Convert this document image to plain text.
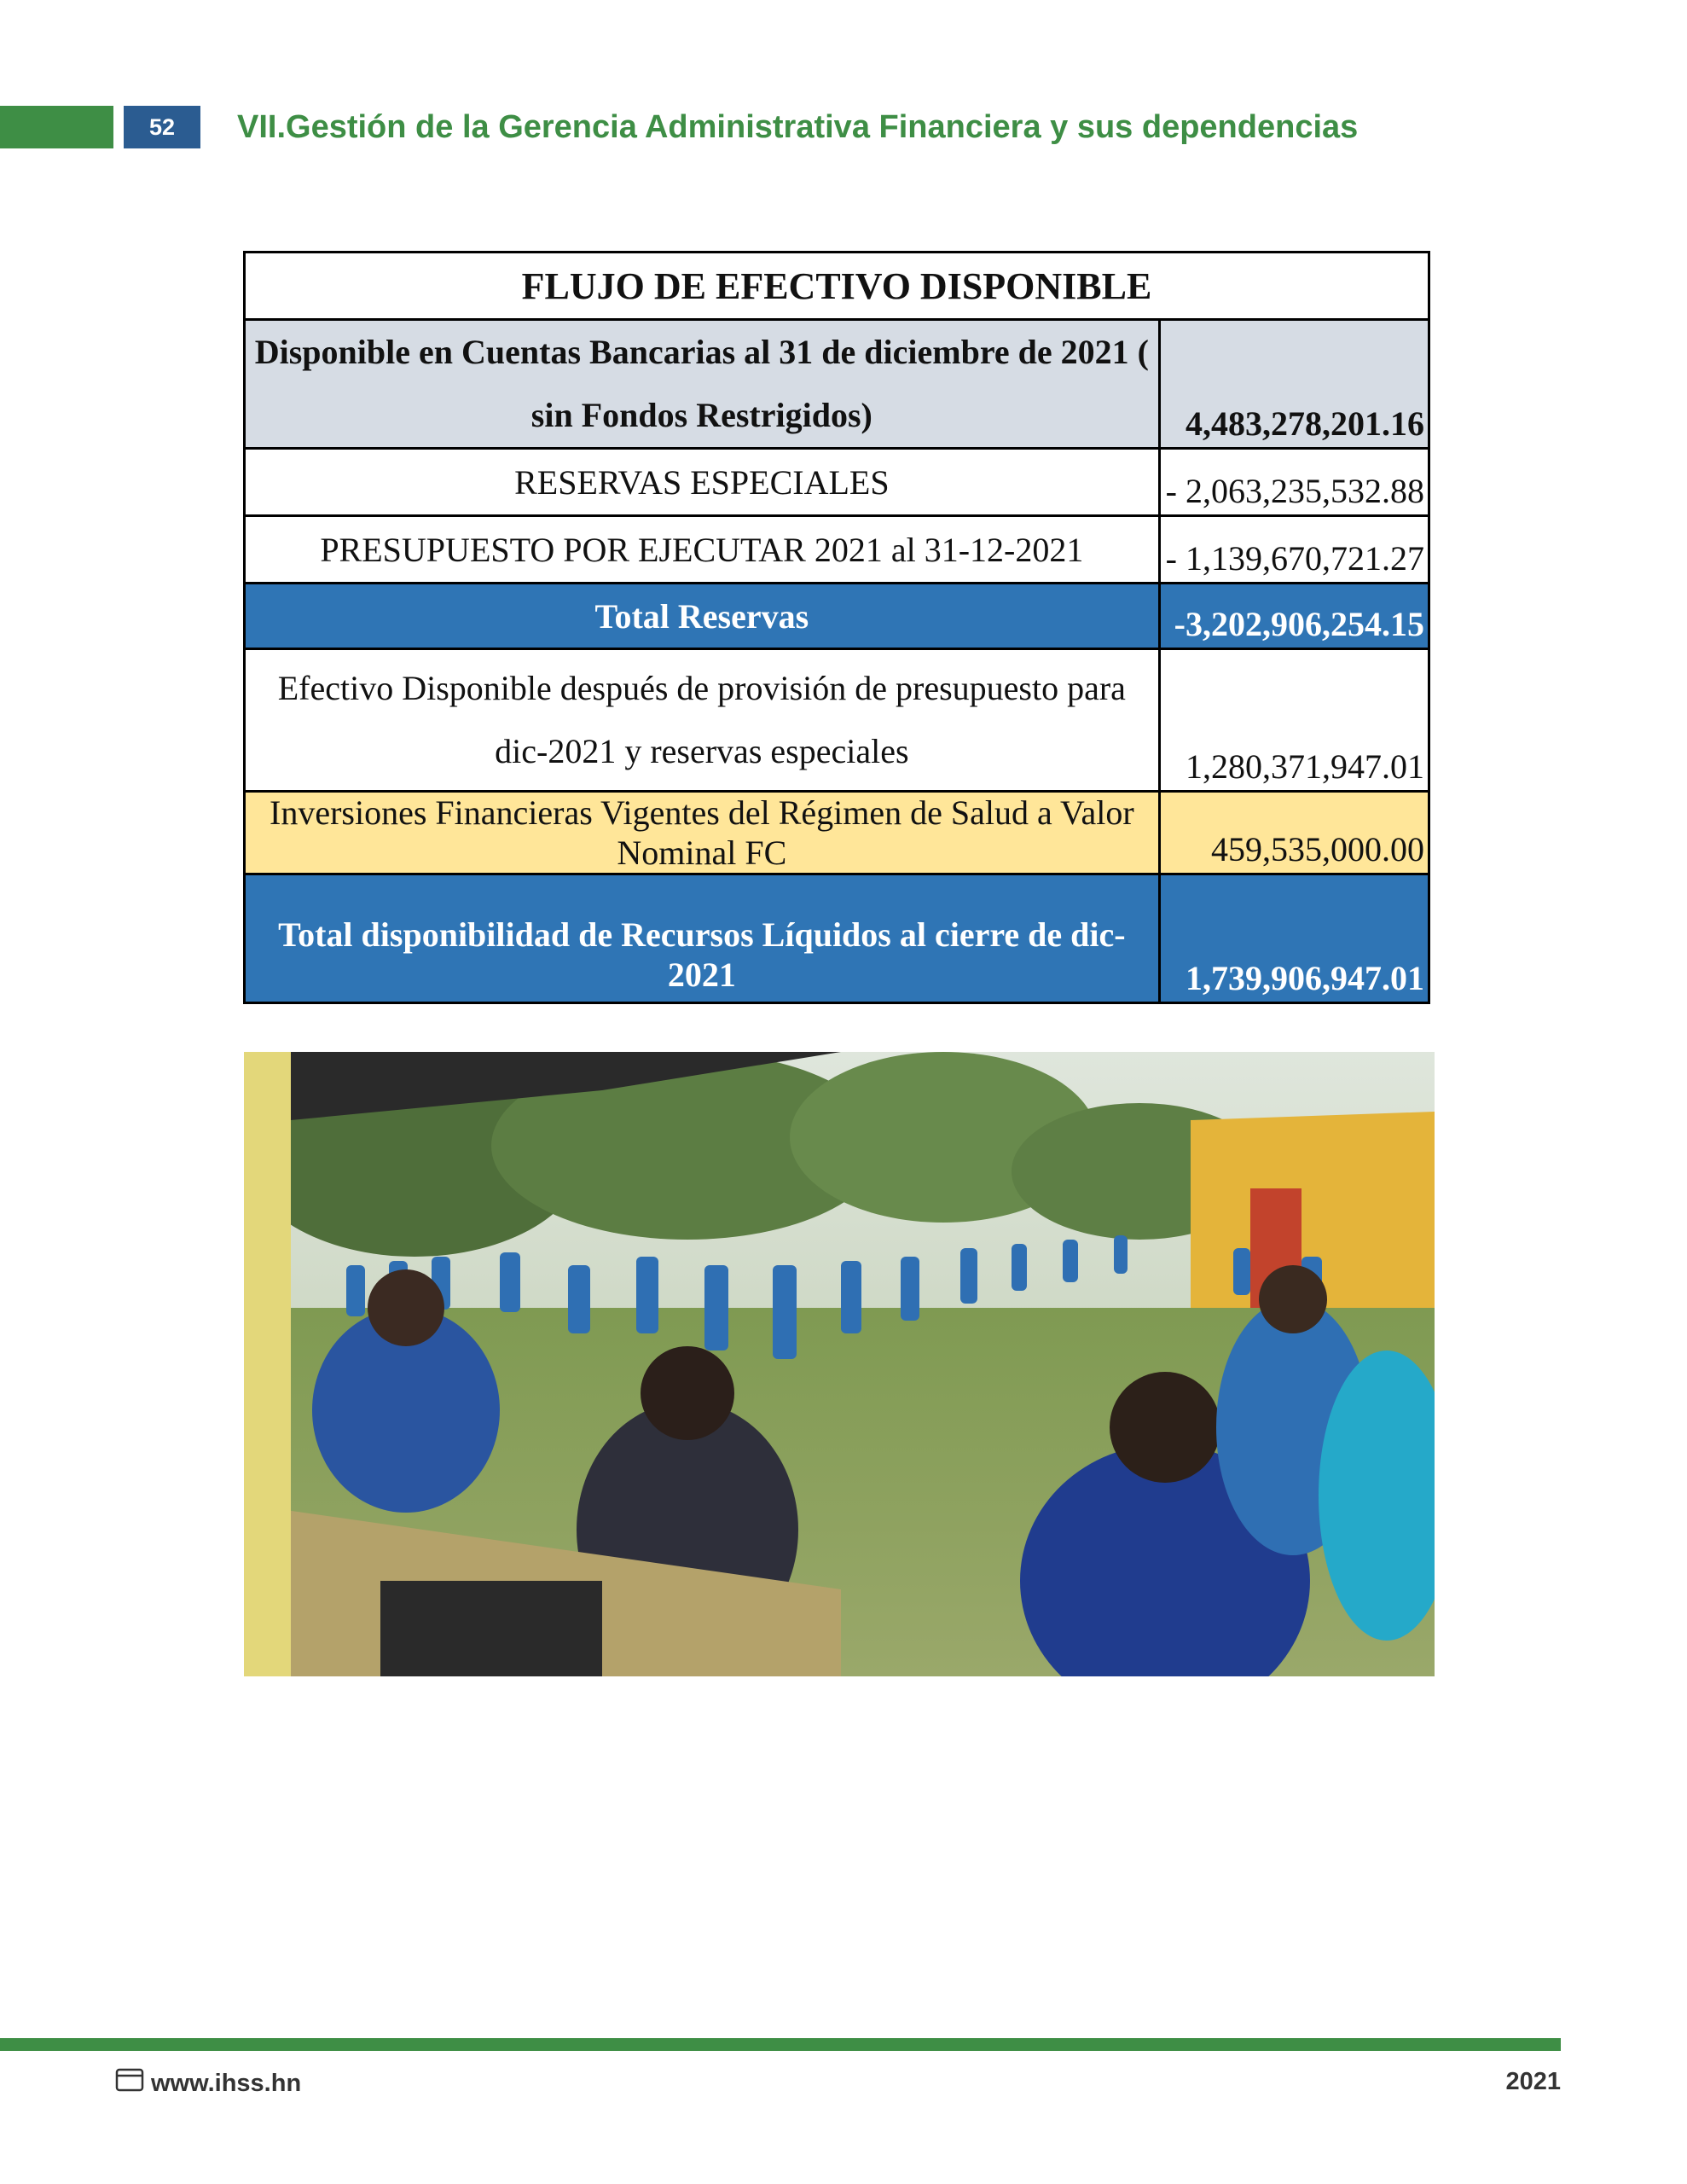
52	VII.Gestión de la Gerencia Administrativa Financiera y sus dependencias
FLUJO DE EFECTIVO DISPONIBLE	
Disponible en Cuentas Bancarias al 31 de diciembre de 2021 ( sin Fondos Restrigidos)	4,483,278,201.16
RESERVAS ESPECIALES	- 2,063,235,532.88
PRESUPUESTO POR EJECUTAR 2021 al 31-12-2021	- 1,139,670,721.27
Total Reservas	-3,202,906,254.15
Efectivo Disponible después de provisión de presupuesto para dic-2021 y reservas especiales	1,280,371,947.01
Inversiones Financieras Vigentes del Régimen de Salud a Valor Nominal FC	459,535,000.00
Total disponibilidad de Recursos Líquidos al cierre de dic-2021	1,739,906,947.01
www.ihss.hn	2021
